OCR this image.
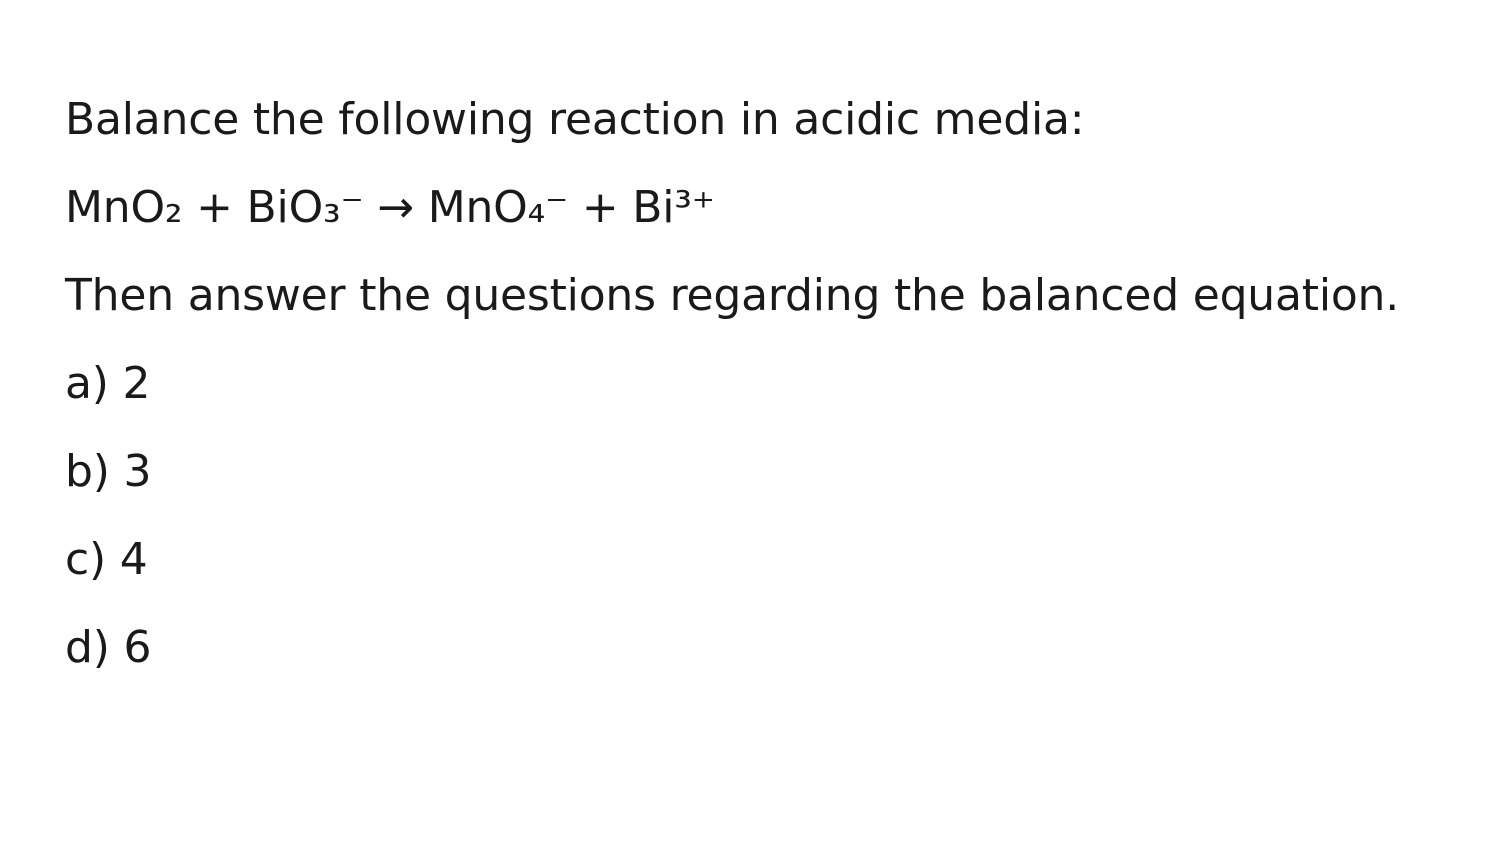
Balance the following reaction in acidic media:
MnO₂ + BiO₃⁻ → MnO₄⁻ + Bi³⁺
Then answer the questions regarding the balanced equation.
a) 2
b) 3
c) 4
d) 6
